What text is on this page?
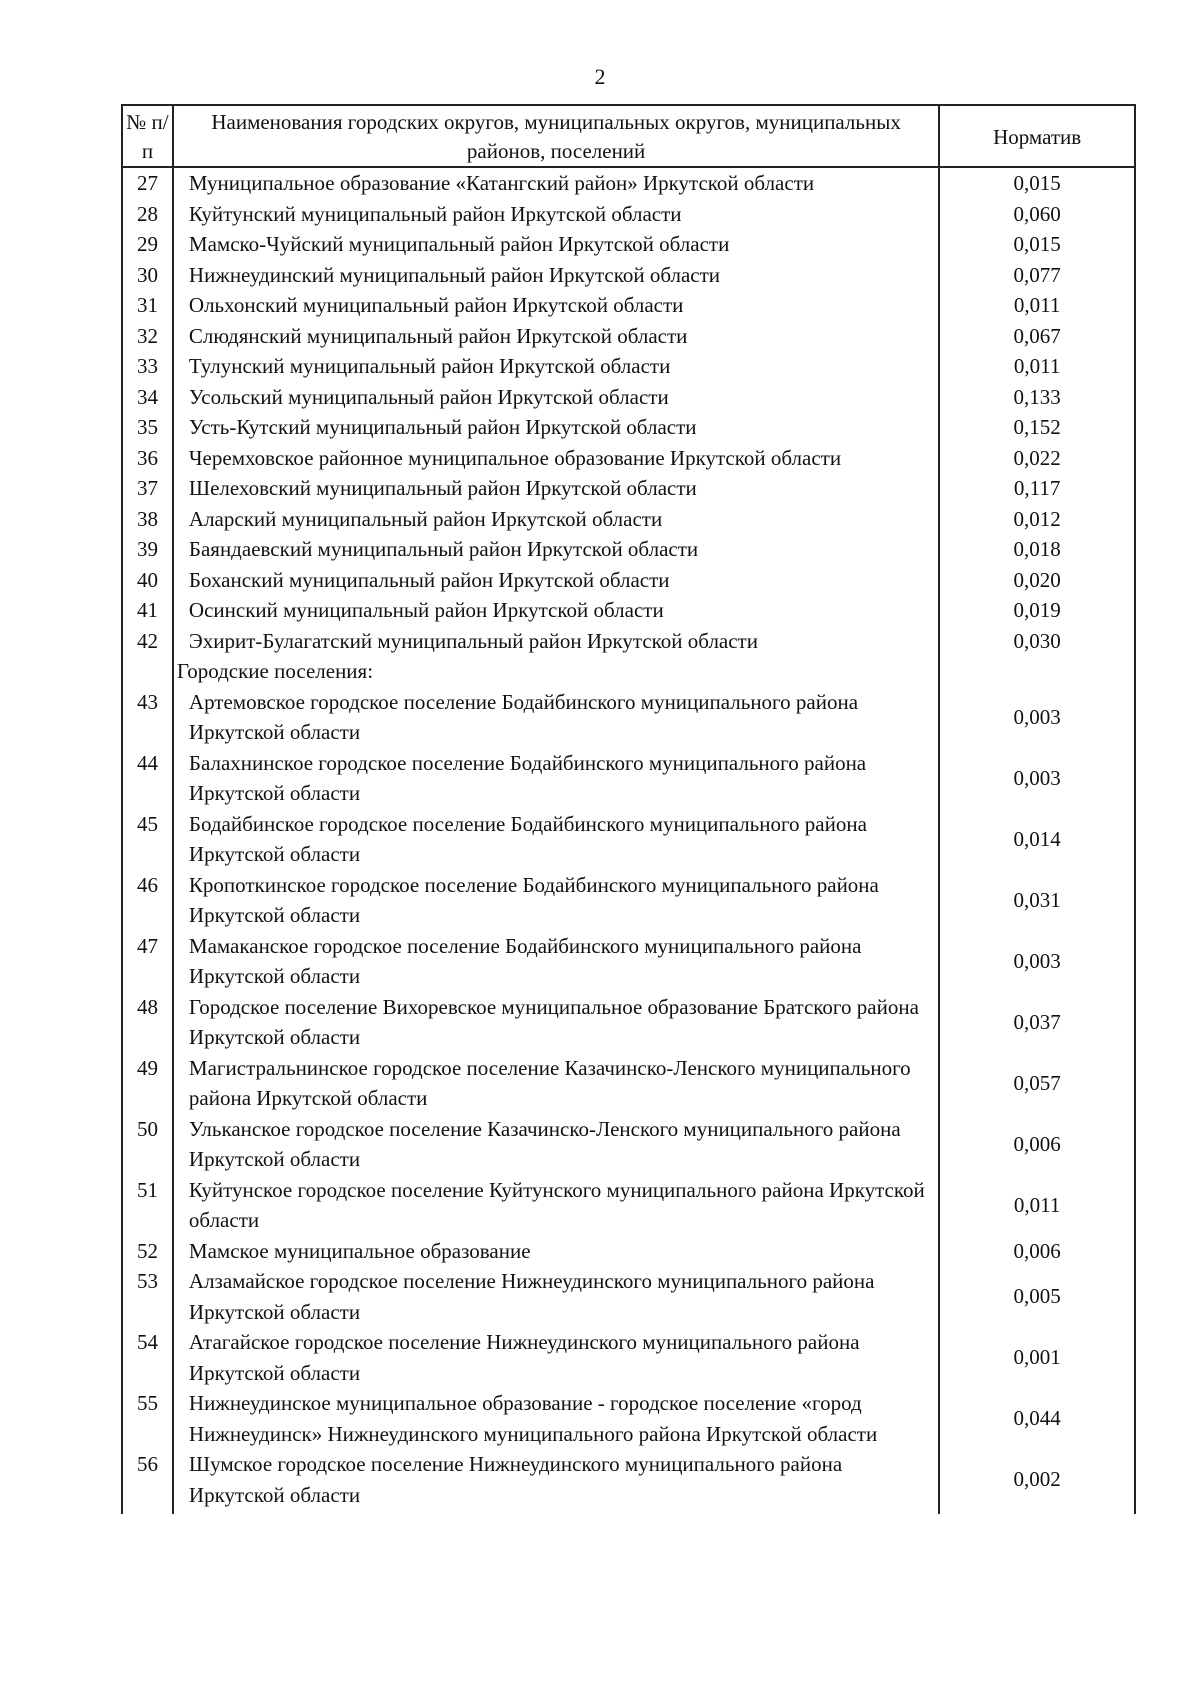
2
№ п/п	Наименования городских округов, муниципальных округов, муниципальных районов, поселений	Норматив
27	Муниципальное образование «Катангский район» Иркутской области	0,015
28	Куйтунский муниципальный район Иркутской области	0,060
29	Мамско-Чуйский муниципальный район Иркутской области	0,015
30	Нижнеудинский муниципальный район Иркутской области	0,077
31	Ольхонский муниципальный район Иркутской области	0,011
32	Слюдянский муниципальный район Иркутской области	0,067
33	Тулунский муниципальный район Иркутской области	0,011
34	Усольский муниципальный район Иркутской области	0,133
35	Усть-Кутский муниципальный район Иркутской области	0,152
36	Черемховское районное муниципальное образование Иркутской области	0,022
37	Шелеховский муниципальный район Иркутской области	0,117
38	Аларский муниципальный район Иркутской области	0,012
39	Баяндаевский муниципальный район Иркутской области	0,018
40	Боханский муниципальный район Иркутской области	0,020
41	Осинский муниципальный район Иркутской области	0,019
42	Эхирит-Булагатский муниципальный район Иркутской области	0,030
	Городские поселения:	
43	Артемовское городское поселение Бодайбинского муниципального района Иркутской области	0,003
44	Балахнинское городское поселение Бодайбинского муниципального района Иркутской области	0,003
45	Бодайбинское городское поселение Бодайбинского муниципального района Иркутской области	0,014
46	Кропоткинское городское поселение Бодайбинского муниципального района Иркутской области	0,031
47	Мамаканское городское поселение Бодайбинского муниципального района Иркутской области	0,003
48	Городское поселение Вихоревское муниципальное образование Братского района Иркутской области	0,037
49	Магистральнинское городское поселение Казачинско-Ленского муниципального района Иркутской области	0,057
50	Ульканское городское поселение Казачинско-Ленского муниципального района Иркутской области	0,006
51	Куйтунское городское поселение Куйтунского муниципального района Иркутской области	0,011
52	Мамское муниципальное образование	0,006
53	Алзамайское городское поселение Нижнеудинского муниципального района Иркутской области	0,005
54	Атагайское городское поселение Нижнеудинского муниципального района Иркутской области	0,001
55	Нижнеудинское муниципальное образование - городское поселение «город Нижнеудинск» Нижнеудинского муниципального района Иркутской области	0,044
56	Шумское городское поселение Нижнеудинского муниципального района Иркутской области	0,002
